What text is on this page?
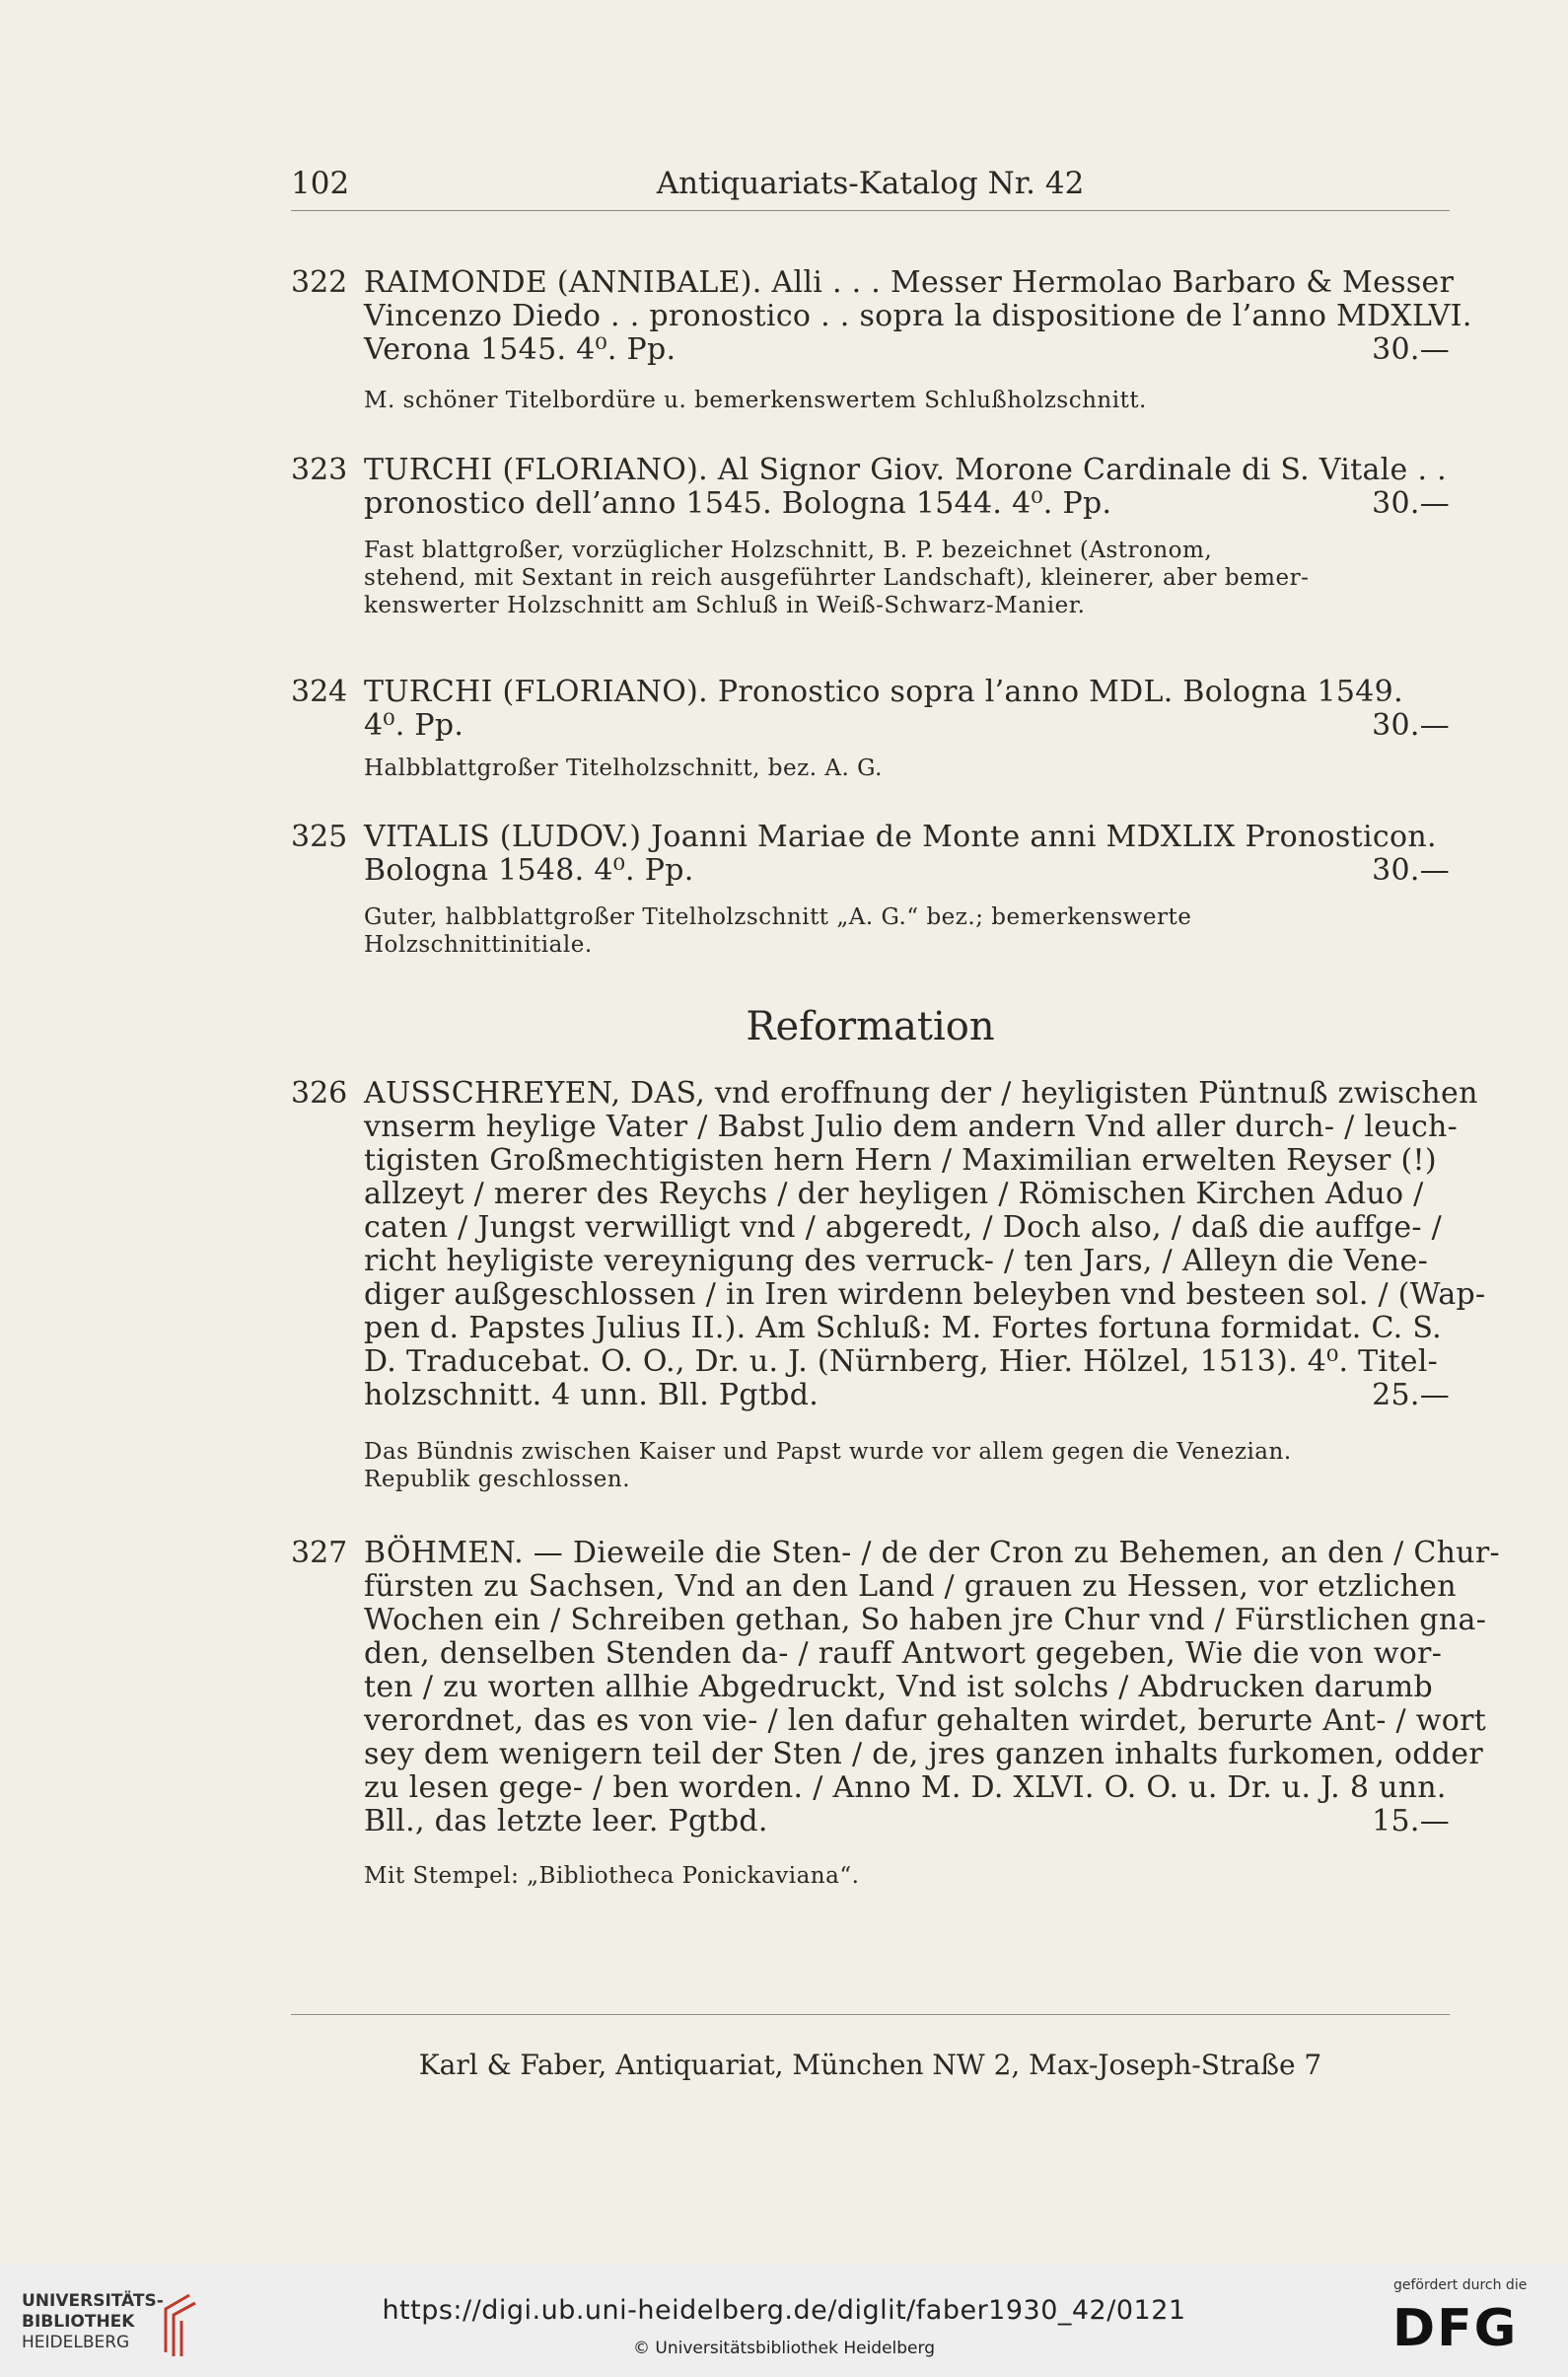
102	Antiquariats-Katalog Nr. 42
322 RAIMONDE (ANNIBALE). Alli . . . Messer Hermolao Barbaro & Messer
Vincenzo Diedo . . pronostico . . sopra la dispositione de l’anno MDXLVI.
Verona 1545. 4⁰. Pp.	30.—
M. schöner Titelbordüre u. bemerkenswertem Schlußholzschnitt.
323 TURCHI (FLORIANO). Al Signor Giov. Morone Cardinale di S. Vitale . .
pronostico dell’anno 1545. Bologna 1544. 4⁰. Pp.	30.—
Fast blattgroßer, vorzüglicher Holzschnitt, B. P. bezeichnet (Astronom,
stehend, mit Sextant in reich ausgeführter Landschaft), kleinerer, aber bemer-
kenswerter Holzschnitt am Schluß in Weiß-Schwarz-Manier.
324 TURCHI (FLORIANO). Pronostico sopra l’anno MDL. Bologna 1549.
4⁰. Pp.	30.—
Halbblattgroßer Titelholzschnitt, bez. A. G.
325 VITALIS (LUDOV.) Joanni Mariae de Monte anni MDXLIX Pronosticon.
Bologna 1548. 4⁰. Pp.	30.—
Guter, halbblattgroßer Titelholzschnitt „A. G.“ bez.; bemerkenswerte
Holzschnittinitiale.
Reformation
326 AUSSCHREYEN, DAS, vnd eroffnung der / heyligisten Püntnuß zwischen
vnserm heylige Vater / Babst Julio dem andern Vnd aller durch- / leuch-
tigisten Großmechtigisten hern Hern / Maximilian erwelten Reyser (!)
allzeyt / merer des Reychs / der heyligen / Römischen Kirchen Aduo /
caten / Jungst verwilligt vnd / abgeredt, / Doch also, / daß die auffge- /
richt heyligiste vereynigung des verruck- / ten Jars, / Alleyn die Vene-
diger außgeschlossen / in Iren wirdenn beleyben vnd besteen sol. / (Wap-
pen d. Papstes Julius II.). Am Schluß: M. Fortes fortuna formidat. C. S.
D. Traducebat. O. O., Dr. u. J. (Nürnberg, Hier. Hölzel, 1513). 4⁰. Titel-
holzschnitt. 4 unn. Bll. Pgtbd.	25.—
Das Bündnis zwischen Kaiser und Papst wurde vor allem gegen die Venezian.
Republik geschlossen.
327 BÖHMEN. — Dieweile die Sten- / de der Cron zu Behemen, an den / Chur-
fürsten zu Sachsen, Vnd an den Land / grauen zu Hessen, vor etzlichen
Wochen ein / Schreiben gethan, So haben jre Chur vnd / Fürstlichen gna-
den, denselben Stenden da- / rauff Antwort gegeben, Wie die von wor-
ten / zu worten allhie Abgedruckt, Vnd ist solchs / Abdrucken darumb
verordnet, das es von vie- / len dafur gehalten wirdet, berurte Ant- / wort
sey dem wenigern teil der Sten / de, jres ganzen inhalts furkomen, odder
zu lesen gege- / ben worden. / Anno M. D. XLVI. O. O. u. Dr. u. J. 8 unn.
Bll., das letzte leer. Pgtbd.	15.—
Mit Stempel: „Bibliotheca Ponickaviana“.
Karl & Faber, Antiquariat, München NW 2, Max-Joseph-Straße 7
UNIVERSITÄTS-
BIBLIOTHEK
HEIDELBERG
https://digi.ub.uni-heidelberg.de/diglit/faber1930_42/0121
© Universitätsbibliothek Heidelberg
gefördert durch die
DFG
